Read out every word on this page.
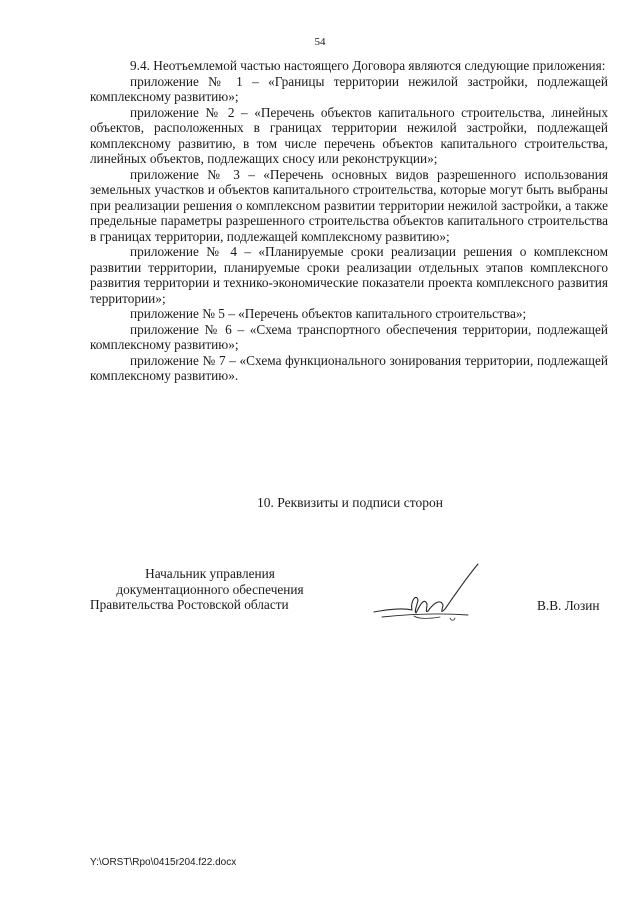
54

9.4. Неотъемлемой частью настоящего Договора являются следующие приложения:

приложение № 1 – «Границы территории нежилой застройки, подлежащей комплексному развитию»;

приложение № 2 – «Перечень объектов капитального строительства, линейных объектов, расположенных в границах территории нежилой застройки, подлежащей комплексному развитию, в том числе перечень объектов капитального строительства, линейных объектов, подлежащих сносу или реконструкции»;

приложение № 3 – «Перечень основных видов разрешенного использования земельных участков и объектов капитального строительства, которые могут быть выбраны при реализации решения о комплексном развитии территории нежилой застройки, а также предельные параметры разрешенного строительства объектов капитального строительства в границах территории, подлежащей комплексному развитию»;

приложение № 4 – «Планируемые сроки реализации решения о комплексном развитии территории, планируемые сроки реализации отдельных этапов комплексного развития территории и технико-экономические показатели проекта комплексного развития территории»;

приложение № 5 – «Перечень объектов капитального строительства»;

приложение № 6 – «Схема транспортного обеспечения территории, подлежащей комплексному развитию»;

приложение № 7 – «Схема функционального зонирования территории, подлежащей комплексному развитию».

10. Реквизиты и подписи сторон
Начальник управления
документационного обеспечения
Правительства Ростовской области	В.В. Лозин
Y:\ORST\Rpo\0415r204.f22.docx
